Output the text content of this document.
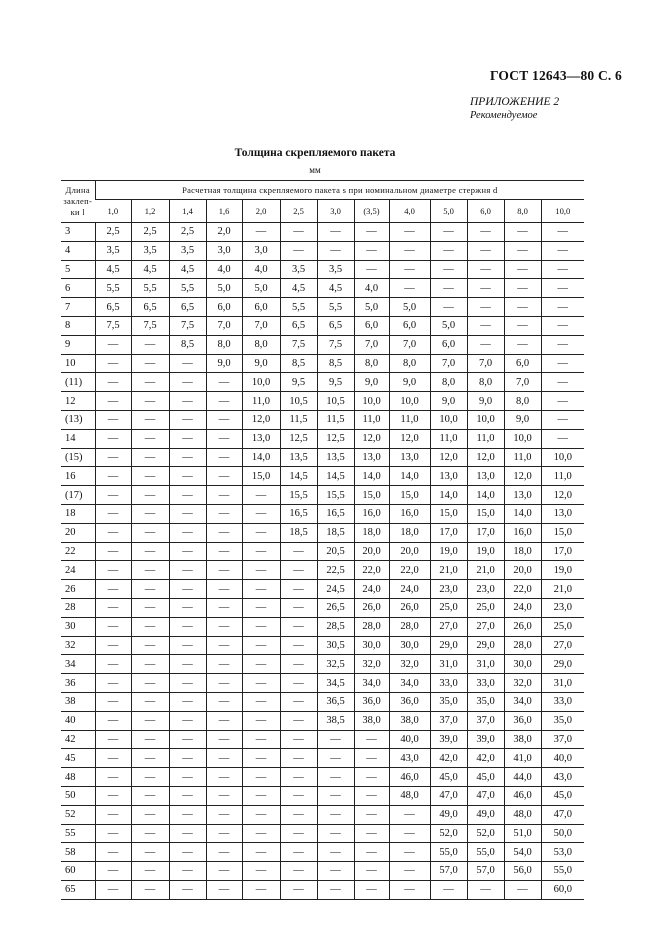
ГОСТ 12643—80 С. 6
ПРИЛОЖЕНИЕ 2
Рекомендуемое
Толщина скрепляемого пакета
мм
Длина
заклеп-
ки l	Расчетная толщина скрепляемого пакета s при номинальном диаметре стержня d												
	1,0	1,2	1,4	1,6	2,0	2,5	3,0	(3,5)	4,0	5,0	6,0	8,0	10,0
3	2,5	2,5	2,5	2,0	—	—	—	—	—	—	—	—	—
4	3,5	3,5	3,5	3,0	3,0	—	—	—	—	—	—	—	—
5	4,5	4,5	4,5	4,0	4,0	3,5	3,5	—	—	—	—	—	—
6	5,5	5,5	5,5	5,0	5,0	4,5	4,5	4,0	—	—	—	—	—
7	6,5	6,5	6,5	6,0	6,0	5,5	5,5	5,0	5,0	—	—	—	—
8	7,5	7,5	7,5	7,0	7,0	6,5	6,5	6,0	6,0	5,0	—	—	—
9	—	—	8,5	8,0	8,0	7,5	7,5	7,0	7,0	6,0	—	—	—
10	—	—	—	9,0	9,0	8,5	8,5	8,0	8,0	7,0	7,0	6,0	—
(11)	—	—	—	—	10,0	9,5	9,5	9,0	9,0	8,0	8,0	7,0	—
12	—	—	—	—	11,0	10,5	10,5	10,0	10,0	9,0	9,0	8,0	—
(13)	—	—	—	—	12,0	11,5	11,5	11,0	11,0	10,0	10,0	9,0	—
14	—	—	—	—	13,0	12,5	12,5	12,0	12,0	11,0	11,0	10,0	—
(15)	—	—	—	—	14,0	13,5	13,5	13,0	13,0	12,0	12,0	11,0	10,0
16	—	—	—	—	15,0	14,5	14,5	14,0	14,0	13,0	13,0	12,0	11,0
(17)	—	—	—	—	—	15,5	15,5	15,0	15,0	14,0	14,0	13,0	12,0
18	—	—	—	—	—	16,5	16,5	16,0	16,0	15,0	15,0	14,0	13,0
20	—	—	—	—	—	18,5	18,5	18,0	18,0	17,0	17,0	16,0	15,0
22	—	—	—	—	—	—	20,5	20,0	20,0	19,0	19,0	18,0	17,0
24	—	—	—	—	—	—	22,5	22,0	22,0	21,0	21,0	20,0	19,0
26	—	—	—	—	—	—	24,5	24,0	24,0	23,0	23,0	22,0	21,0
28	—	—	—	—	—	—	26,5	26,0	26,0	25,0	25,0	24,0	23,0
30	—	—	—	—	—	—	28,5	28,0	28,0	27,0	27,0	26,0	25,0
32	—	—	—	—	—	—	30,5	30,0	30,0	29,0	29,0	28,0	27,0
34	—	—	—	—	—	—	32,5	32,0	32,0	31,0	31,0	30,0	29,0
36	—	—	—	—	—	—	34,5	34,0	34,0	33,0	33,0	32,0	31,0
38	—	—	—	—	—	—	36,5	36,0	36,0	35,0	35,0	34,0	33,0
40	—	—	—	—	—	—	38,5	38,0	38,0	37,0	37,0	36,0	35,0
42	—	—	—	—	—	—	—	—	40,0	39,0	39,0	38,0	37,0
45	—	—	—	—	—	—	—	—	43,0	42,0	42,0	41,0	40,0
48	—	—	—	—	—	—	—	—	46,0	45,0	45,0	44,0	43,0
50	—	—	—	—	—	—	—	—	48,0	47,0	47,0	46,0	45,0
52	—	—	—	—	—	—	—	—	—	49,0	49,0	48,0	47,0
55	—	—	—	—	—	—	—	—	—	52,0	52,0	51,0	50,0
58	—	—	—	—	—	—	—	—	—	55,0	55,0	54,0	53,0
60	—	—	—	—	—	—	—	—	—	57,0	57,0	56,0	55,0
65	—	—	—	—	—	—	—	—	—	—	—	—	60,0
